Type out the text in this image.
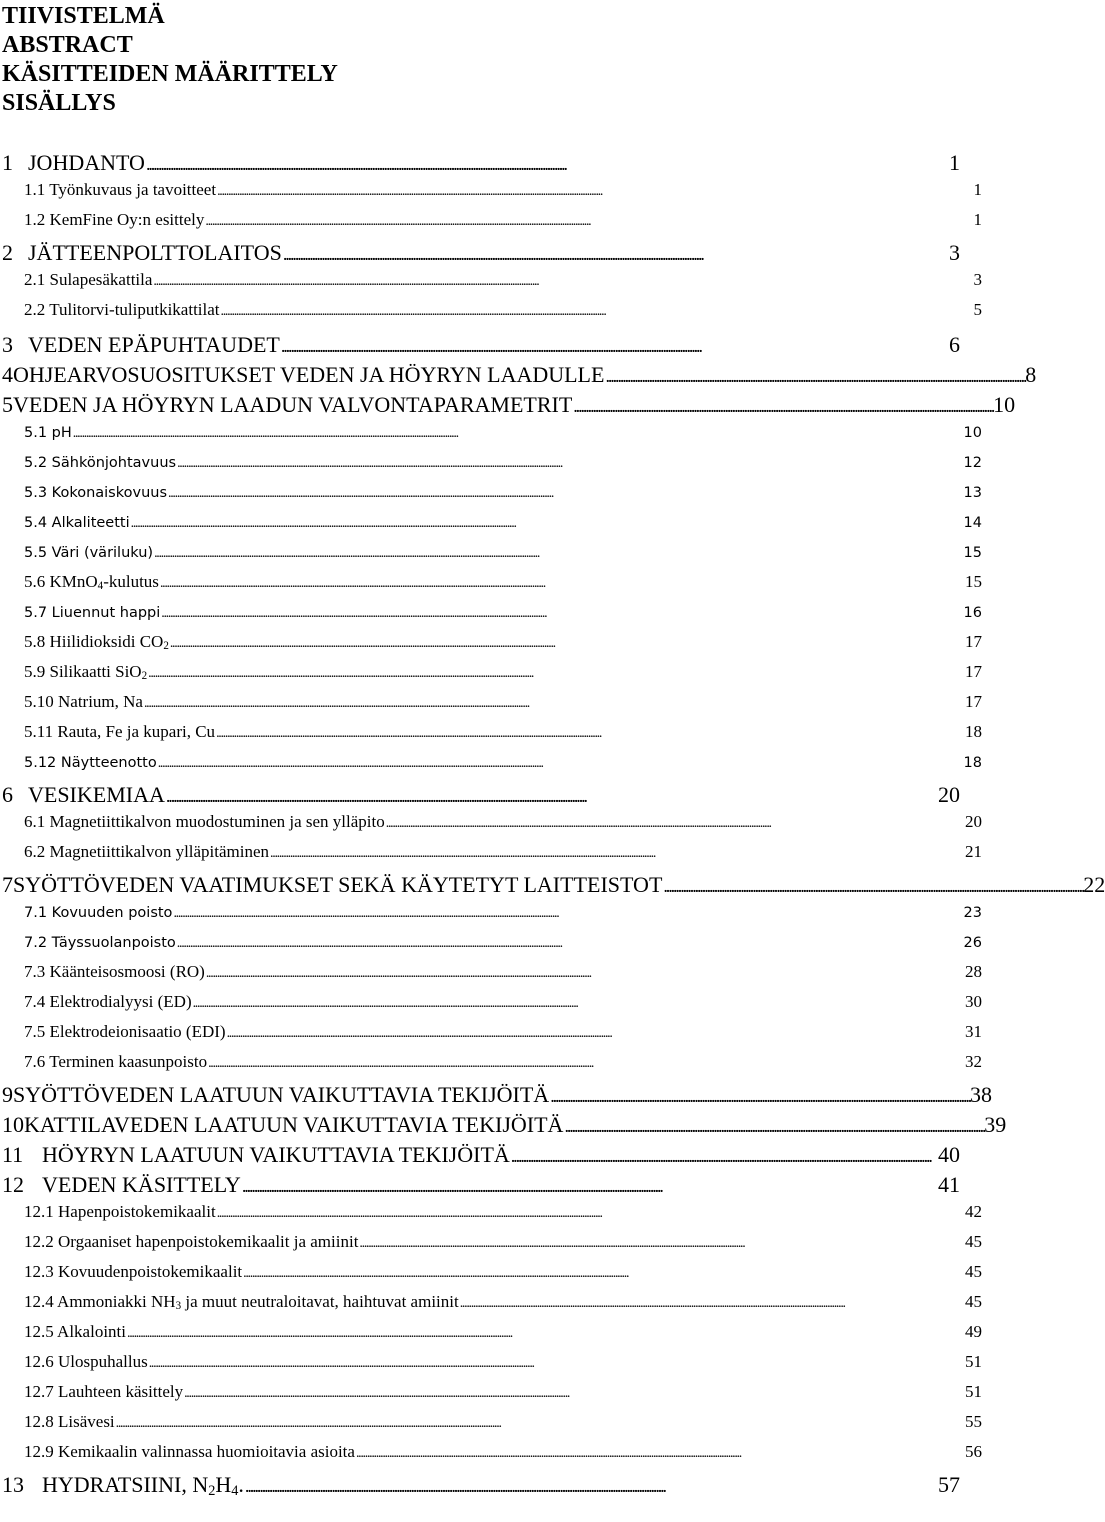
TIIVISTELMÄ
ABSTRACT
KÄSITTEIDEN MÄÄRITTELY
SISÄLLYS
1 JOHDANTO . . .	1
1.1 Työnkuvaus ja tavoitteet . . .	1
1.2 KemFine Oy:n esittely . . .	1
2 JÄTTEENPOLTTOLAITOS . . .	3
2.1 Sulapesäkattila . . .	3
2.2 Tulitorvi-tuliputkikattilat . . .	5
3 VEDEN EPÄPUHTAUDET . . .	6
4 OHJEARVOSUOSITUKSET VEDEN JA HÖYRYN LAADULLE . . .	8
5 VEDEN JA HÖYRYN LAADUN VALVONTAPARAMETRIT . . .	10
5.1 pH . . .	10
5.2 Sähkönjohtavuus . . .	12
5.3 Kokonaiskovuus . . .	13
5.4 Alkaliteetti . . .	14
5.5 Väri (väriluku) . . .	15
5.6 KMnO$_4$-kulutus . . .	15
5.7 Liuennut happi . . .	16
5.8 Hiilidioksidi $CO_2$ . . .	17
5.9 Silikaatti SiO$_2$ . . .	17
5.10 Natrium, Na . . .	17
5.11 Rauta, Fe ja kupari, Cu . . .	18
5.12 Näytteenotto . . .	18
6 VESIKEMIAA . . .	20
6.1 Magnetiittikalvon muodostuminen ja sen ylläpito . . .	20
6.2 Magnetiittikalvon ylläpitäminen . . .	21
7 SYÖTTÖVEDEN VAATIMUKSET SEKÄ KÄYTETYT LAITTEISTOT . . .	22
7.1 Kovuuden poisto . . .	23
7.2 Täyssuolanpoisto . . .	26
7.3 Käänteisosmoosi (RO) . . .	28
7.4 Elektrodialyysi (ED) . . .	30
7.5 Elektrodeionisaatio (EDI) . . .	31
7.6 Terminen kaasunpoisto . . .	32
9 SYÖTTÖVEDEN LAATUUN VAIKUTTAVIA TEKIJÖITÄ . . .	38
10 KATTILAVEDEN LAATUUN VAIKUTTAVIA TEKIJÖITÄ . . .	39
11 HÖYRYN LAATUUN VAIKUTTAVIA TEKIJÖITÄ . . .	40
12 VEDEN KÄSITTELY . . .	41
12.1 Hapenpoistokemikaalit . . .	42
12.2 Orgaaniset hapenpoistokemikaalit ja amiinit . . .	45
12.3 Kovuudenpoistokemikaalit . . .	45
12.4 Ammoniakki $NH_3$ ja muut neutraloitavat, haihtuvat amiinit . . .	45
12.5 Alkalointi . . .	49
12.6 Ulospuhallus . . .	51
12.7 Lauhteen käsittely . . .	51
12.8 Lisävesi . . .	55
12.9 Kemikaalin valinnassa huomioitavia asioita . . .	56
13 HYDRATSIINI, $N_2H_4$. . . .	57
